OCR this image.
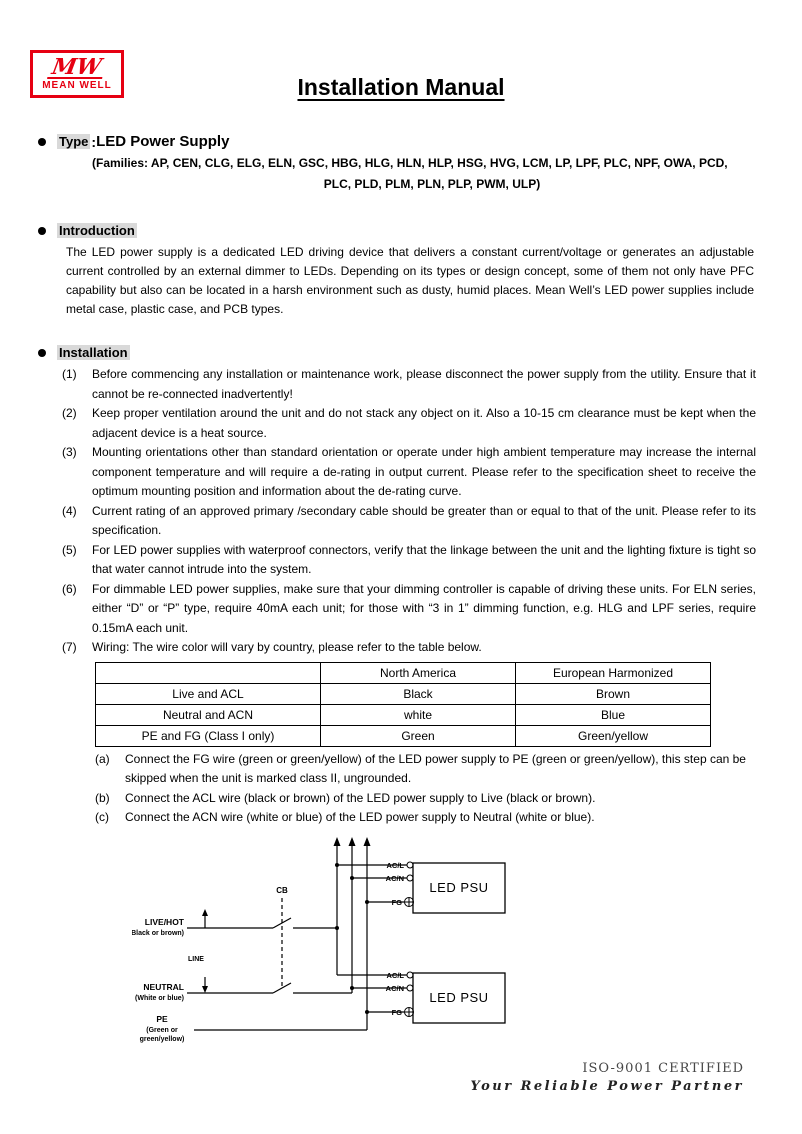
MW
MEAN WELL	Installation Manual
Type : LED Power Supply
(Families: AP, CEN, CLG, ELG, ELN, GSC, HBG, HLG, HLN, HLP, HSG, HVG, LCM, LP, LPF, PLC, NPF, OWA, PCD,
PLC, PLD, PLM, PLN, PLP, PWM, ULP)
Introduction

The LED power supply is a dedicated LED driving device that delivers a constant current/voltage or generates an adjustable current controlled by an external dimmer to LEDs. Depending on its types or design concept, some of them not only have PFC capability but also can be located in a harsh environment such as dusty, humid places. Mean Well’s LED power supplies include metal case, plastic case, and PCB types.

Installation
(1)	Before commencing any installation or maintenance work, please disconnect the power supply from the utility. Ensure that it cannot be re-connected inadvertently!
(2)	Keep proper ventilation around the unit and do not stack any object on it. Also a 10-15 cm clearance must be kept when the adjacent device is a heat source.
(3)	Mounting orientations other than standard orientation or operate under high ambient temperature may increase the internal component temperature and will require a de-rating in output current. Please refer to the specification sheet to receive the optimum mounting position and information about the de-rating curve.
(4)	Current rating of an approved primary /secondary cable should be greater than or equal to that of the unit. Please refer to its specification.
(5)	For LED power supplies with waterproof connectors, verify that the linkage between the unit and the lighting fixture is tight so that water cannot intrude into the system.
(6)	For dimmable LED power supplies, make sure that your dimming controller is capable of driving these units. For ELN series, either “D” or “P” type, require 40mA each unit; for those with “3 in 1” dimming function, e.g. HLG and LPF series, require 0.15mA each unit.
(7)	Wiring: The wire color will vary by country, please refer to the table below.
	North America	European Harmonized
Live and ACL	Black	Brown
Neutral and ACN	white	Blue
PE and FG (Class I only)	Green	Green/yellow
(a)	Connect the FG wire (green or green/yellow) of the LED power supply to PE (green or green/yellow), this step can be skipped when the unit is marked class II, ungrounded.
(b)	Connect the ACL wire (black or brown) of the LED power supply to Live (black or brown).
(c)	Connect the ACN wire (white or blue) of the LED power supply to Neutral (white or blue).
CB
LIVE/HOT
(Black or brown)
LINE
NEUTRAL
(White or blue)
PE
(Green or
green/yellow)
AC/L
AC/N
FG
AC/L
AC/N
FG
LED PSU
LED PSU
ISO-9001 CERTIFIED
Your Reliable Power Partner
